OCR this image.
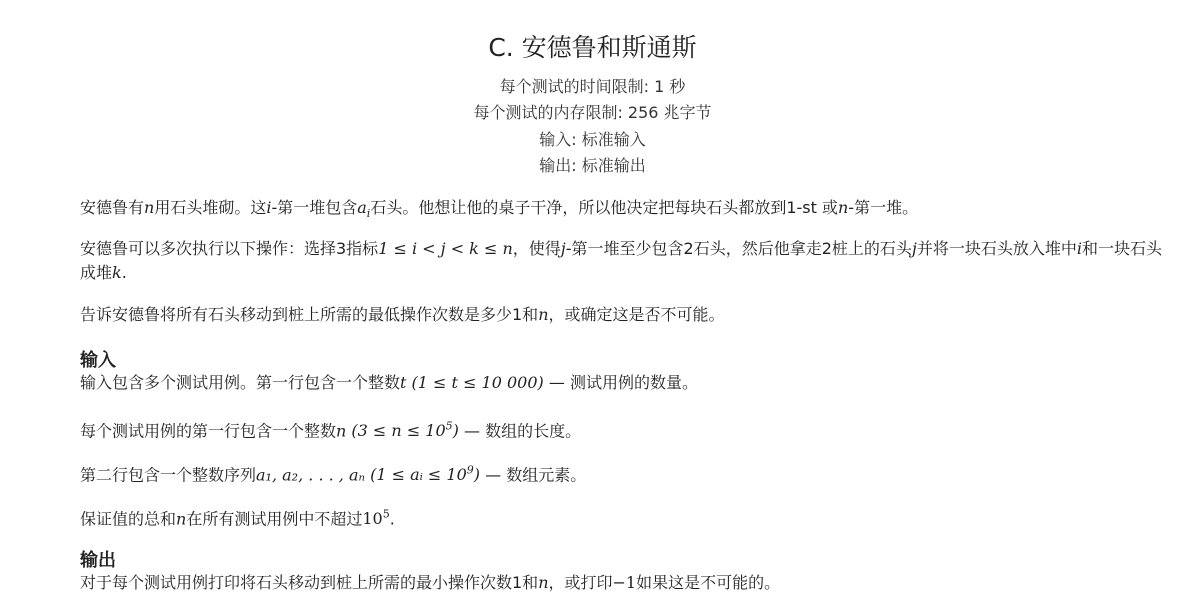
C. 安德鲁和斯通斯
每个测试的时间限制: 1 秒
每个测试的内存限制: 256 兆字节
输入: 标准输入
输出: 标准输出
安德鲁有n用石头堆砌。这i-第一堆包含$a_i$石头。他想让他的桌子干净，所以他决定把每块石头都放到1-st 或n-第一堆。
安德鲁可以多次执行以下操作：选择3指标1 ≤ i < j < k ≤ n，使得j-第一堆至少包含2石头，然后他拿走2桩上的石头j并将一块石头放入堆中i和一块石头成堆k.
告诉安德鲁将所有石头移动到桩上所需的最低操作次数是多少1和n，或确定这是否不可能。
输入
输入包含多个测试用例。第一行包含一个整数t (1 ≤ t ≤ 10 000) — 测试用例的数量。
每个测试用例的第一行包含一个整数n $(3 \le n \le 10^5)$ — 数组的长度。
第二行包含一个整数序列a₁, a₂, . . . , aₙ (1 ≤ aᵢ ≤ $10^9$) — 数组元素。
保证值的总和n在所有测试用例中不超过$10^5$.
输出
对于每个测试用例打印将石头移动到桩上所需的最小操作次数1和n，或打印−1如果这是不可能的。
